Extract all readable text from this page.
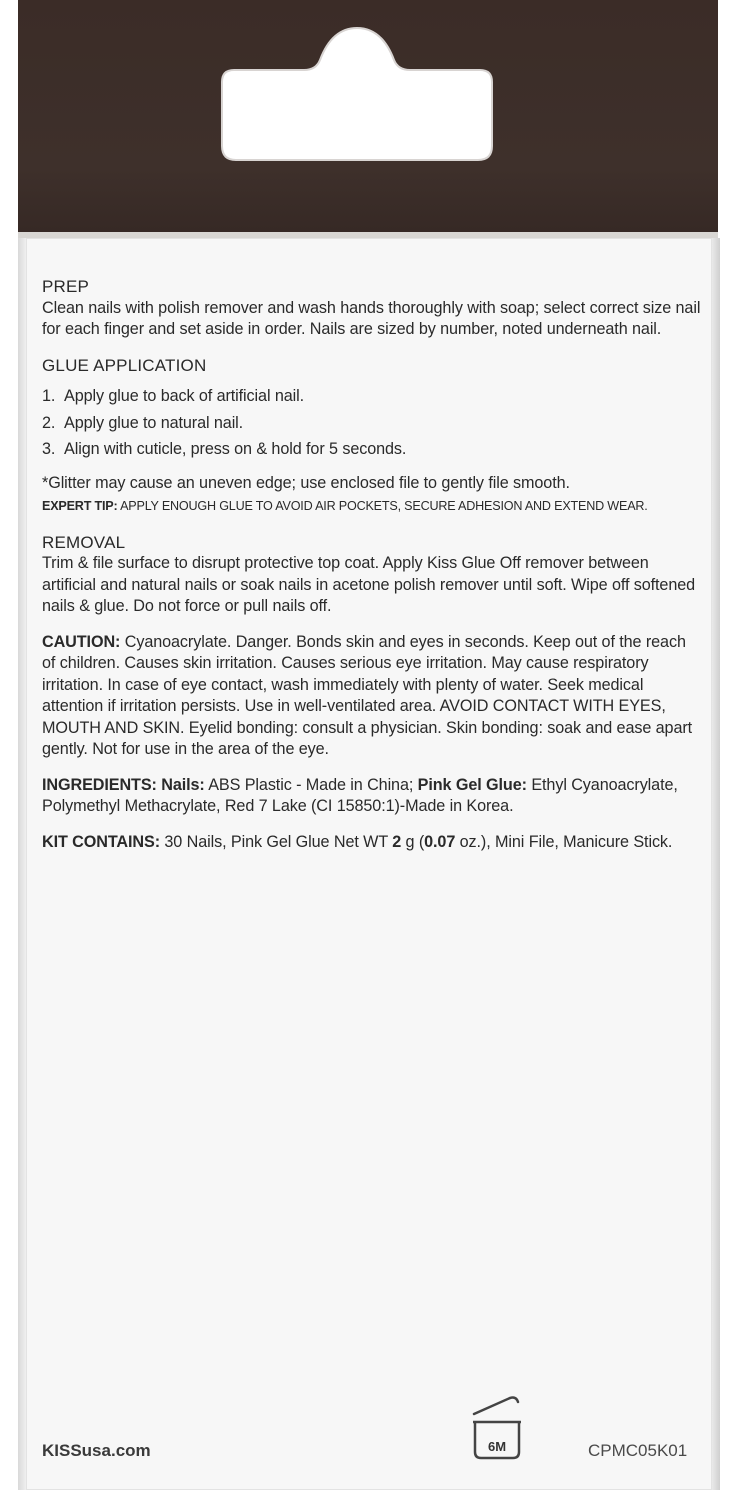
PREP

Clean nails with polish remover and wash hands thoroughly with soap; select correct size nail for each finger and set aside in order. Nails are sized by number, noted underneath nail.

GLUE APPLICATION

1. Apply glue to back of artificial nail.
2. Apply glue to natural nail.
3. Align with cuticle, press on & hold for 5 seconds.

*Glitter may cause an uneven edge; use enclosed file to gently file smooth.

EXPERT TIP: APPLY ENOUGH GLUE TO AVOID AIR POCKETS, SECURE ADHESION AND EXTEND WEAR.

REMOVAL

Trim & file surface to disrupt protective top coat. Apply Kiss Glue Off remover between artificial and natural nails or soak nails in acetone polish remover until soft. Wipe off softened nails & glue. Do not force or pull nails off.

CAUTION: Cyanoacrylate. Danger. Bonds skin and eyes in seconds. Keep out of the reach of children. Causes skin irritation. Causes serious eye irritation. May cause respiratory irritation. In case of eye contact, wash immediately with plenty of water. Seek medical attention if irritation persists. Use in well-ventilated area. AVOID CONTACT WITH EYES, MOUTH AND SKIN. Eyelid bonding: consult a physician. Skin bonding: soak and ease apart gently. Not for use in the area of the eye.

INGREDIENTS: Nails: ABS Plastic - Made in China; Pink Gel Glue: Ethyl Cyanoacrylate, Polymethyl Methacrylate, Red 7 Lake (CI 15850:1)-Made in Korea.

KIT CONTAINS: 30 Nails, Pink Gel Glue Net WT 2 g (0.07 oz.), Mini File, Manicure Stick.

KISSusa.com	6M	CPMC05K01
